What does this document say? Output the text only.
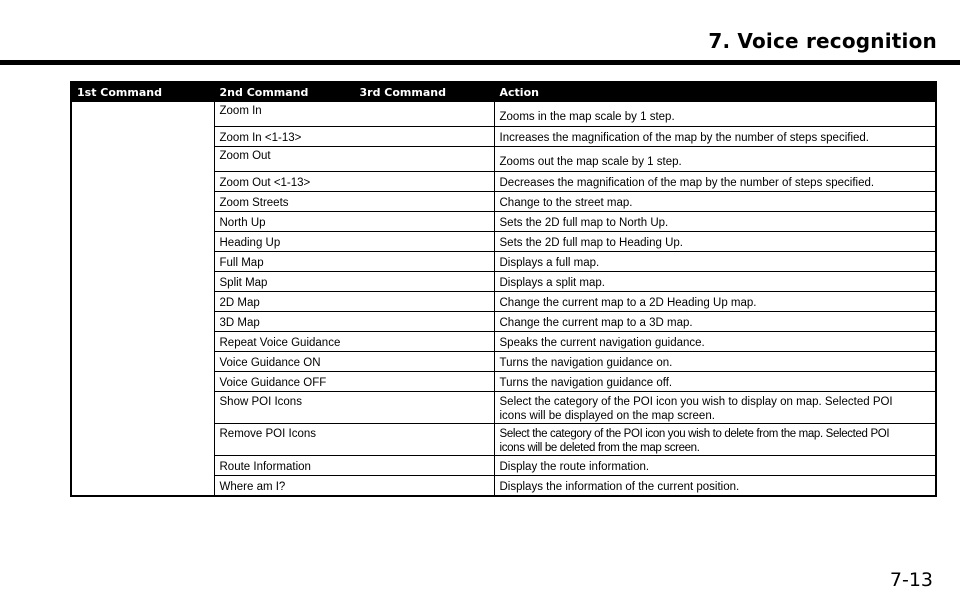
7. Voice recognition
1st Command	2nd Command	3rd Command	Action
	Zoom In		Zooms in the map scale by 1 step.
	Zoom In <1-13>		Increases the magnification of the map by the number of steps specified.
	Zoom Out		Zooms out the map scale by 1 step.
	Zoom Out <1-13>		Decreases the magnification of the map by the number of steps specified.
	Zoom Streets		Change to the street map.
	North Up		Sets the 2D full map to North Up.
	Heading Up		Sets the 2D full map to Heading Up.
	Full Map		Displays a full map.
	Split Map		Displays a split map.
	2D Map		Change the current map to a 2D Heading Up map.
	3D Map		Change the current map to a 3D map.
	Repeat Voice Guidance		Speaks the current navigation guidance.
	Voice Guidance ON		Turns the navigation guidance on.
	Voice Guidance OFF		Turns the navigation guidance off.
	Show POI Icons		Select the category of the POI icon you wish to display on map. Selected POI
icons will be displayed on the map screen.

	Remove POI Icons		Select the category of the POI icon you wish to delete from the map. Selected POI
icons will be deleted from the map screen.

	Route Information		Display the route information.
	Where am I?		Displays the information of the current position.
7-13
